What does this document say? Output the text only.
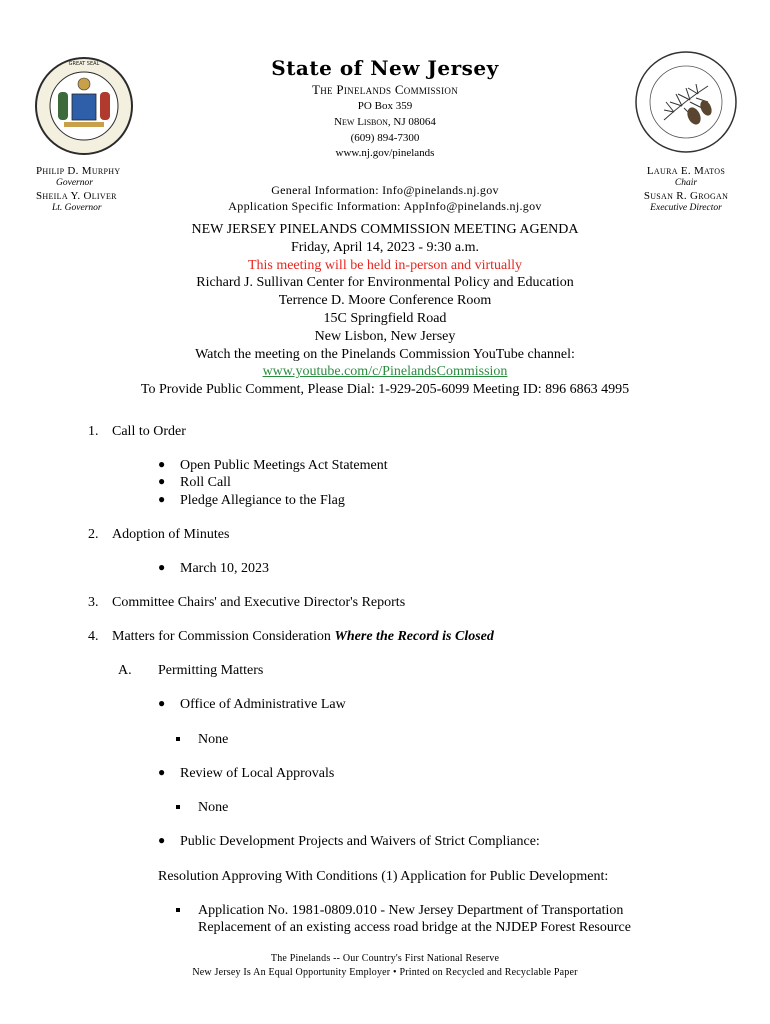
GREAT SEAL	State of New Jersey
The Pinelands Commission
PO Box 359
New Lisbon, NJ 08064
(609) 894-7300
www.nj.gov/pinelands
General Information: Info@pinelands.nj.gov
Application Specific Information: AppInfo@pinelands.nj.gov
Philip D. Murphy
Governor
Sheila Y. Oliver
Lt. Governor
Laura E. Matos
Chair
Susan R. Grogan
Executive Director
NEW JERSEY PINELANDS COMMISSION MEETING AGENDA
Friday, April 14, 2023 - 9:30 a.m.
This meeting will be held in-person and virtually
Richard J. Sullivan Center for Environmental Policy and Education
Terrence D. Moore Conference Room
15C Springfield Road
New Lisbon, New Jersey
Watch the meeting on the Pinelands Commission YouTube channel:
www.youtube.com/c/PinelandsCommission
To Provide Public Comment, Please Dial: 1-929-205-6099 Meeting ID: 896 6863 4995
1. Call to Order
● Open Public Meetings Act Statement
● Roll Call
● Pledge Allegiance to the Flag
2. Adoption of Minutes
● March 10, 2023
3. Committee Chairs' and Executive Director's Reports
4. Matters for Commission Consideration Where the Record is Closed
A. Permitting Matters
● Office of Administrative Law
None
● Review of Local Approvals
None
● Public Development Projects and Waivers of Strict Compliance:
Resolution Approving With Conditions (1) Application for Public Development:
Application No. 1981-0809.010 - New Jersey Department of Transportation
Replacement of an existing access road bridge at the NJDEP Forest Resource
The Pinelands -- Our Country's First National Reserve
New Jersey Is An Equal Opportunity Employer • Printed on Recycled and Recyclable Paper
